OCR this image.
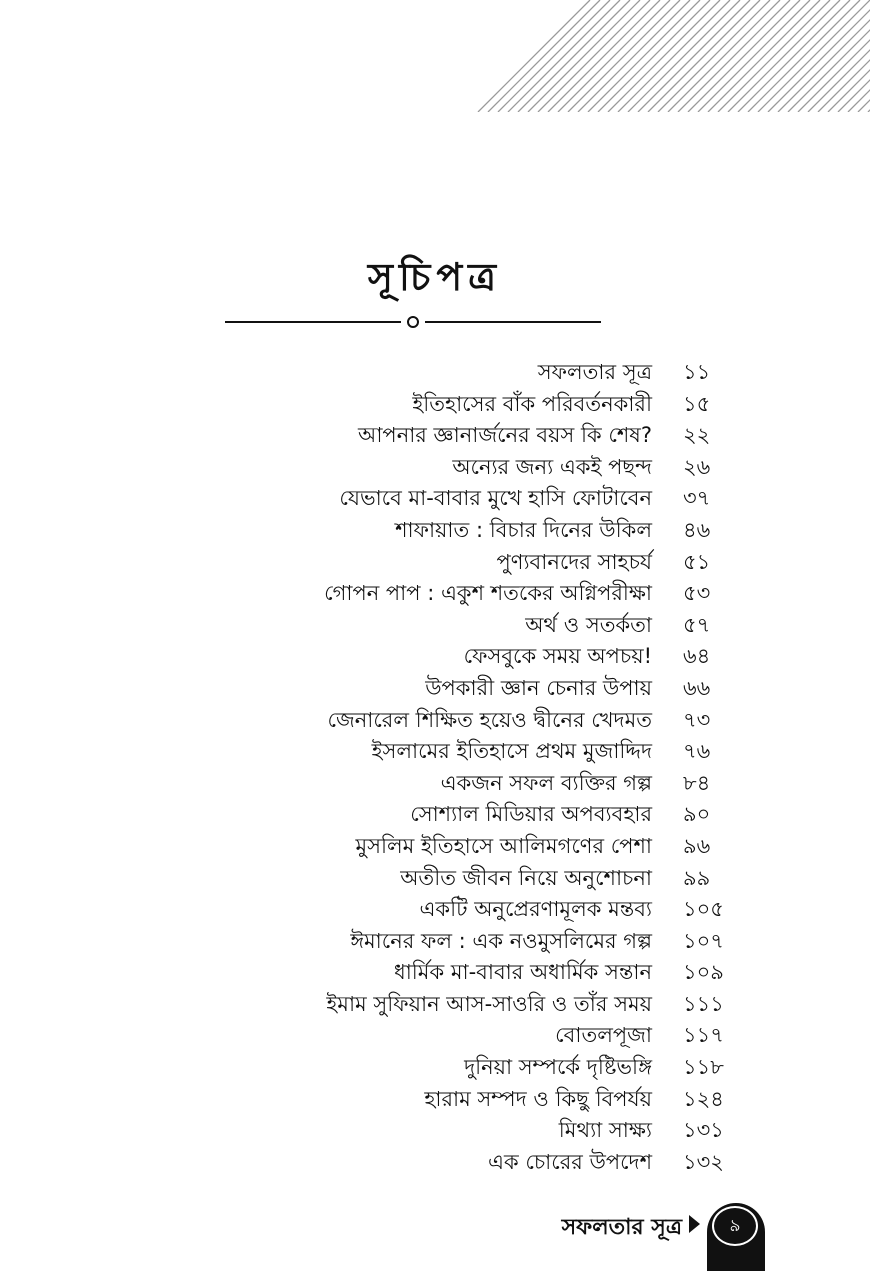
সূচিপত্র
সফলতার সূত্র ১১
ইতিহাসের বাঁক পরিবর্তনকারী ১৫
আপনার জ্ঞানার্জনের বয়স কি শেষ? ২২
অন্যের জন্য একই পছন্দ ২৬
যেভাবে মা-বাবার মুখে হাসি ফোটাবেন ৩৭
শাফায়াত : বিচার দিনের উকিল ৪৬
পুণ্যবানদের সাহচর্য ৫১
গোপন পাপ : একুশ শতকের অগ্নিপরীক্ষা ৫৩
অর্থ ও সতর্কতা ৫৭
ফেসবুকে সময় অপচয়! ৬৪
উপকারী জ্ঞান চেনার উপায় ৬৬
জেনারেল শিক্ষিত হয়েও দ্বীনের খেদমত ৭৩
ইসলামের ইতিহাসে প্রথম মুজাদ্দিদ ৭৬
একজন সফল ব্যক্তির গল্প ৮৪
সোশ্যাল মিডিয়ার অপব্যবহার ৯০
মুসলিম ইতিহাসে আলিমগণের পেশা ৯৬
অতীত জীবন নিয়ে অনুশোচনা ৯৯
একটি অনুপ্রেরণামূলক মন্তব্য ১০৫
ঈমানের ফল : এক নওমুসলিমের গল্প ১০৭
ধার্মিক মা-বাবার অধার্মিক সন্তান ১০৯
ইমাম সুফিয়ান আস-সাওরি ও তাঁর সময় ১১১
বোতলপূজা ১১৭
দুনিয়া সম্পর্কে দৃষ্টিভঙ্গি ১১৮
হারাম সম্পদ ও কিছু বিপর্যয় ১২৪
মিথ্যা সাক্ষ্য ১৩১
এক চোরের উপদেশ ১৩২
সফলতার সূত্র	৯
